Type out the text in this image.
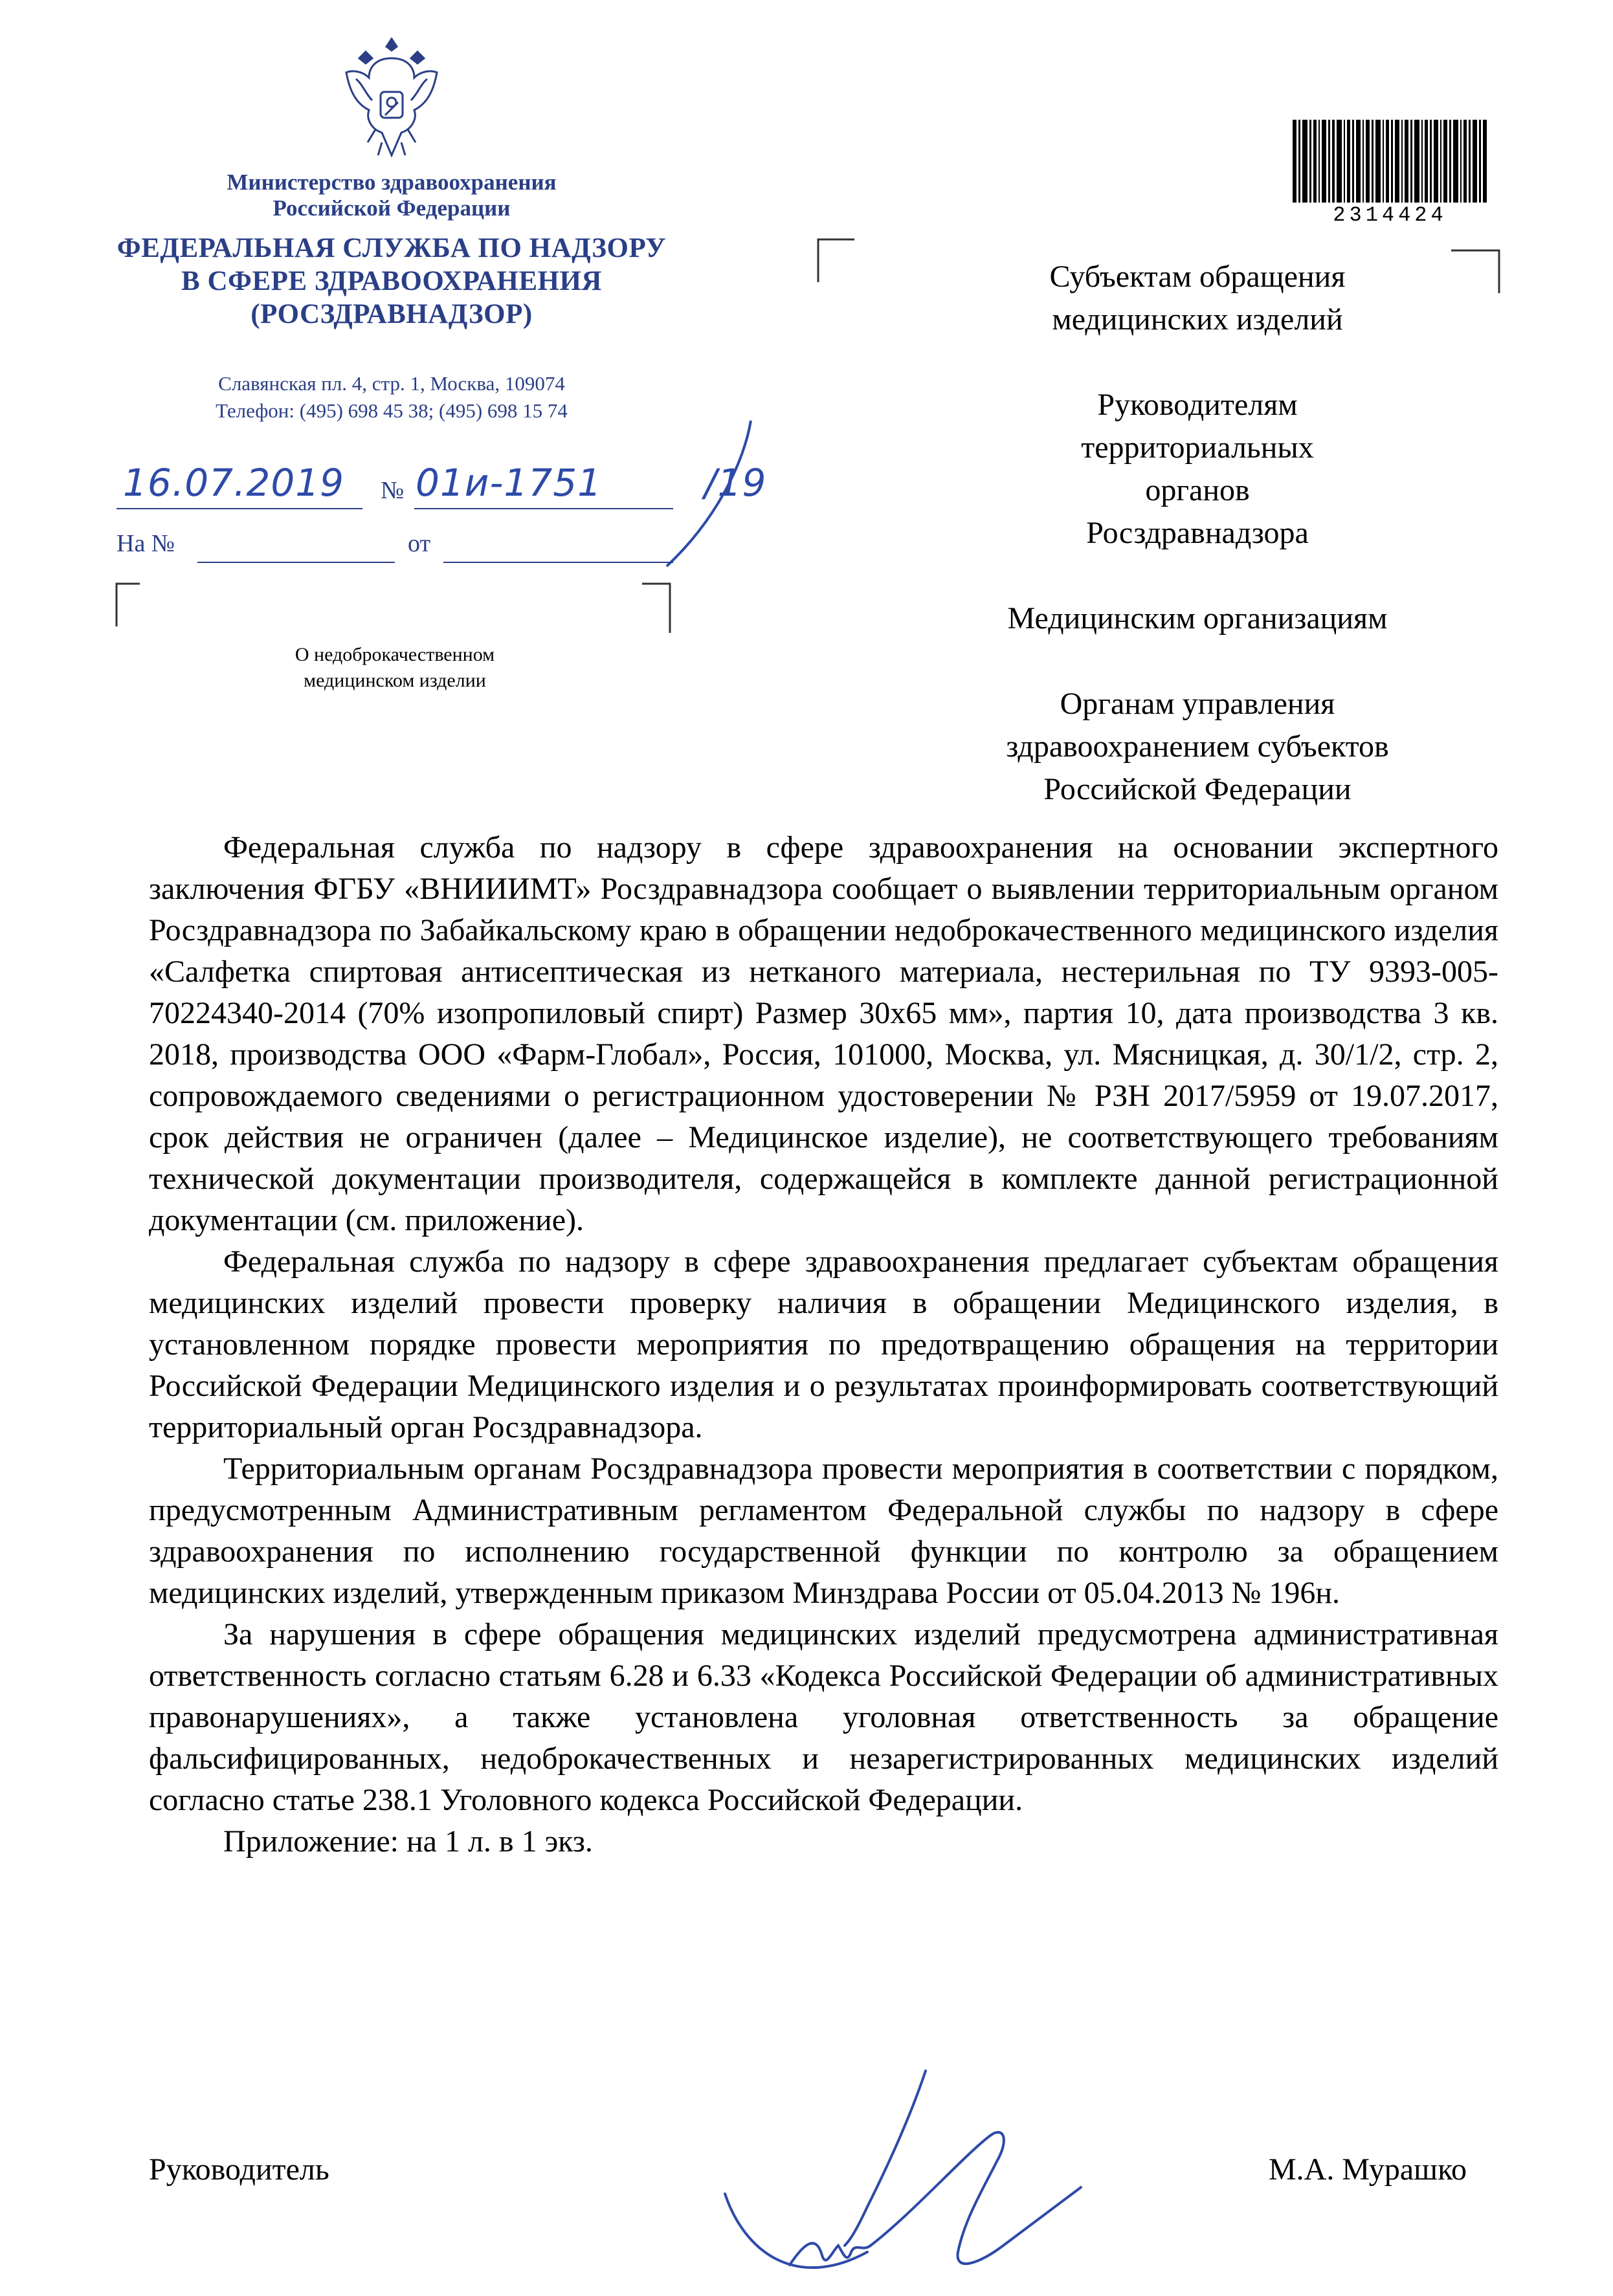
Министерство здравоохранения
Российской Федерации
ФЕДЕРАЛЬНАЯ СЛУЖБА ПО НАДЗОРУ
В СФЕРЕ ЗДРАВООХРАНЕНИЯ
(РОСЗДРАВНАДЗОР)
Славянская пл. 4, стр. 1, Москва, 109074
Телефон: (495) 698 45 38; (495) 698 15 74
16.07.2019 № 01и-1751	/19
На №	от
О недоброкачественном
медицинском изделии
2314424

Субъектам обращения медицинских изделий

Руководителям территориальных органов Росздравнадзора

Медицинским организациям

Органам управления здравоохранением субъектов Российской Федерации

Федеральная служба по надзору в сфере здравоохранения на основании экспертного заключения ФГБУ «ВНИИИМТ» Росздравнадзора сообщает о выявлении территориальным органом Росздравнадзора по Забайкальскому краю в обращении недоброкачественного медицинского изделия «Салфетка спиртовая антисептическая из нетканого материала, нестерильная по ТУ 9393-005-70224340-2014 (70% изопропиловый спирт) Размер 30х65 мм», партия 10, дата производства 3 кв. 2018, производства ООО «Фарм-Глобал», Россия, 101000, Москва, ул. Мясницкая, д. 30/1/2, стр. 2, сопровождаемого сведениями о регистрационном удостоверении № РЗН 2017/5959 от 19.07.2017, срок действия не ограничен (далее – Медицинское изделие), не соответствующего требованиям технической документации производителя, содержащейся в комплекте данной регистрационной документации (см. приложение).

Федеральная служба по надзору в сфере здравоохранения предлагает субъектам обращения медицинских изделий провести проверку наличия в обращении Медицинского изделия, в установленном порядке провести мероприятия по предотвращению обращения на территории Российской Федерации Медицинского изделия и о результатах проинформировать соответствующий территориальный орган Росздравнадзора.

Территориальным органам Росздравнадзора провести мероприятия в соответствии с порядком, предусмотренным Административным регламентом Федеральной службы по надзору в сфере здравоохранения по исполнению государственной функции по контролю за обращением медицинских изделий, утвержденным приказом Минздрава России от 05.04.2013 № 196н.

За нарушения в сфере обращения медицинских изделий предусмотрена административная ответственность согласно статьям 6.28 и 6.33 «Кодекса Российской Федерации об административных правонарушениях», а также установлена уголовная ответственность за обращение фальсифицированных, недоброкачественных и незарегистрированных медицинских изделий согласно статье 238.1 Уголовного кодекса Российской Федерации.

Приложение: на 1 л. в 1 экз.

Руководитель	М.А. Мурашко
